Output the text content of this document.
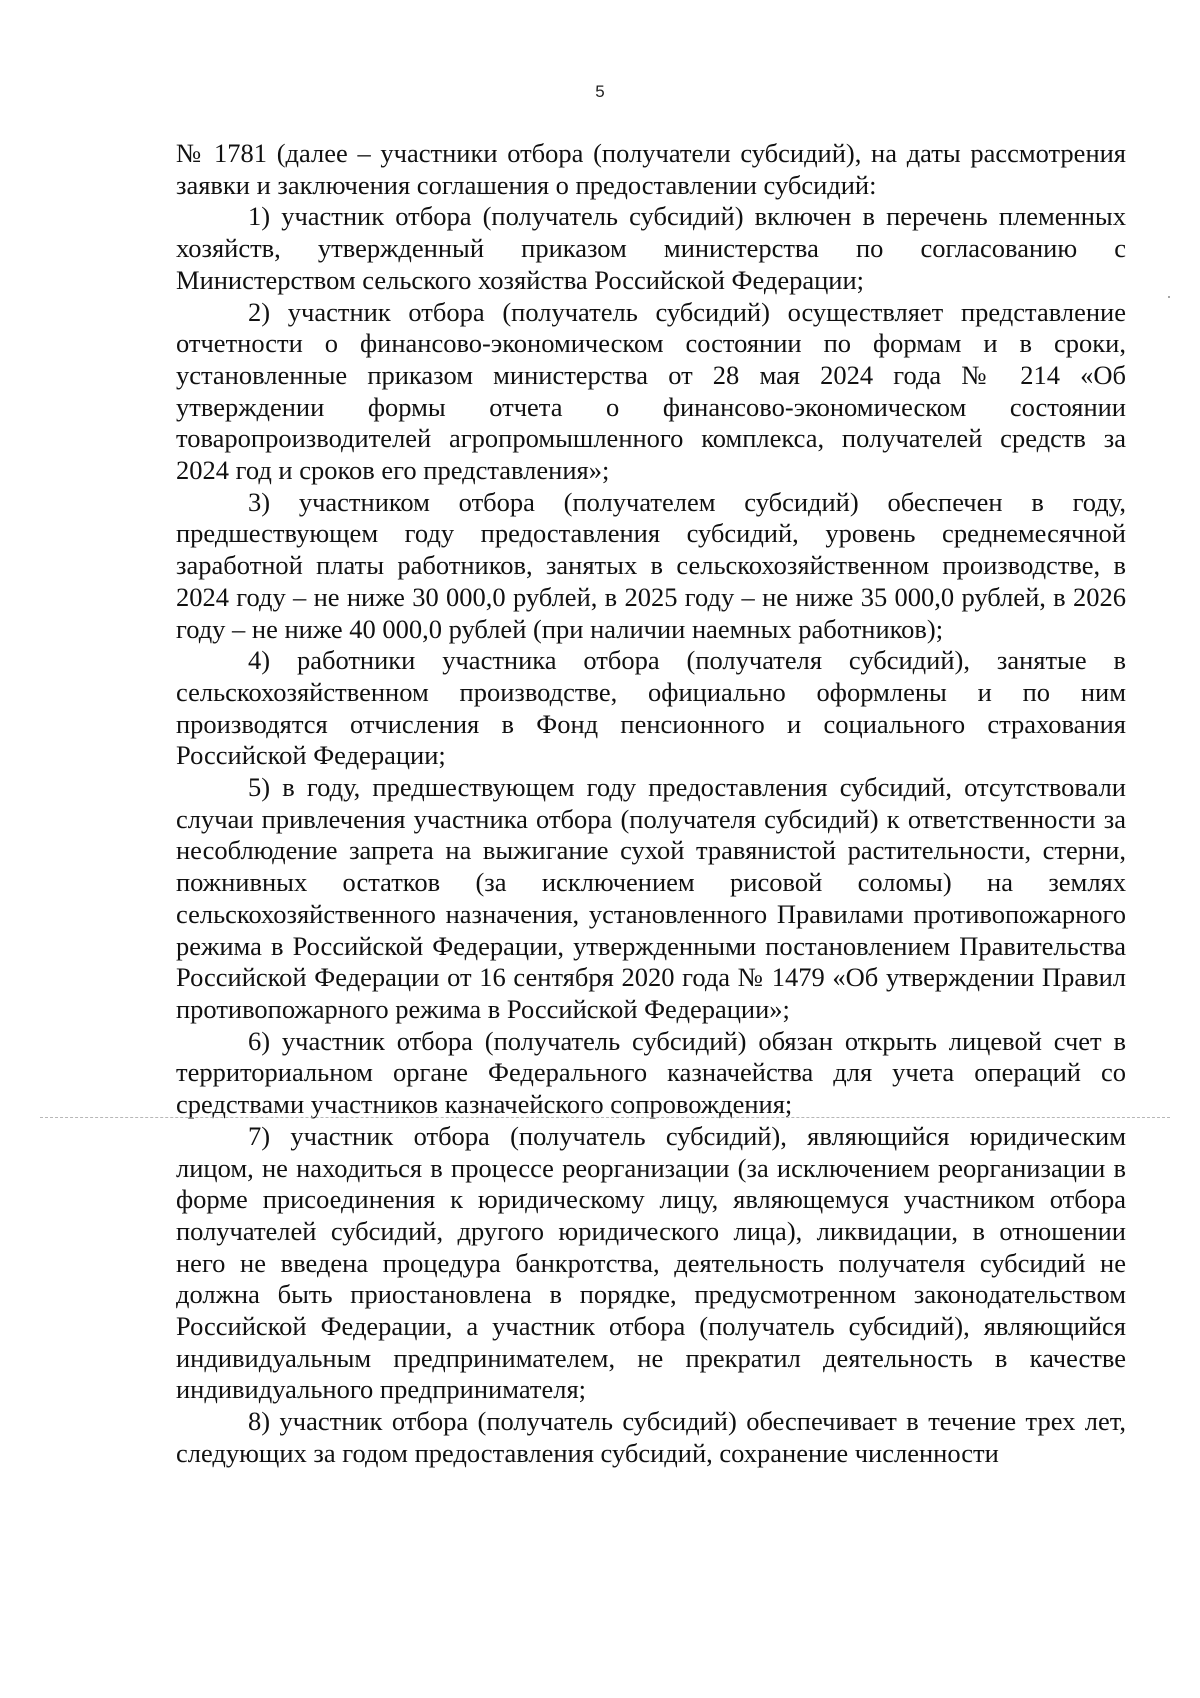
5

№ 1781 (далее – участники отбора (получатели субсидий), на даты рассмотрения заявки и заключения соглашения о предоставлении субсидий:

1) участник отбора (получатель субсидий) включен в перечень племенных хозяйств, утвержденный приказом министерства по согласованию с Министерством сельского хозяйства Российской Федерации;

2) участник отбора (получатель субсидий) осуществляет представление отчетности о финансово-экономическом состоянии по формам и в сроки, установленные приказом министерства от 28 мая 2024 года № 214 «Об утверждении формы отчета о финансово-экономическом состоянии товаропроизводителей агропромышленного комплекса, получателей средств за 2024 год и сроков его представления»;

3) участником отбора (получателем субсидий) обеспечен в году, предшествующем году предоставления субсидий, уровень среднемесячной заработной платы работников, занятых в сельскохозяйственном производстве, в 2024 году – не ниже 30 000,0 рублей, в 2025 году – не ниже 35 000,0 рублей, в 2026 году – не ниже 40 000,0 рублей (при наличии наемных работников);

4) работники участника отбора (получателя субсидий), занятые в сельскохозяйственном производстве, официально оформлены и по ним производятся отчисления в Фонд пенсионного и социального страхования Российской Федерации;

5) в году, предшествующем году предоставления субсидий, отсутствовали случаи привлечения участника отбора (получателя субсидий) к ответственности за несоблюдение запрета на выжигание сухой травянистой растительности, стерни, пожнивных остатков (за исключением рисовой соломы) на землях сельскохозяйственного назначения, установленного Правилами противопожарного режима в Российской Федерации, утвержденными постановлением Правительства Российской Федерации от 16 сентября 2020 года № 1479 «Об утверждении Правил противопожарного режима в Российской Федерации»;

6) участник отбора (получатель субсидий) обязан открыть лицевой счет в территориальном органе Федерального казначейства для учета операций со средствами участников казначейского сопровождения;

7) участник отбора (получатель субсидий), являющийся юридическим лицом, не находиться в процессе реорганизации (за исключением реорганизации в форме присоединения к юридическому лицу, являющемуся участником отбора получателей субсидий, другого юридического лица), ликвидации, в отношении него не введена процедура банкротства, деятельность получателя субсидий не должна быть приостановлена в порядке, предусмотренном законодательством Российской Федерации, а участник отбора (получатель субсидий), являющийся индивидуальным предпринимателем, не прекратил деятельность в качестве индивидуального предпринимателя;

8) участник отбора (получатель субсидий) обеспечивает в течение трех лет, следующих за годом предоставления субсидий, сохранение численности
